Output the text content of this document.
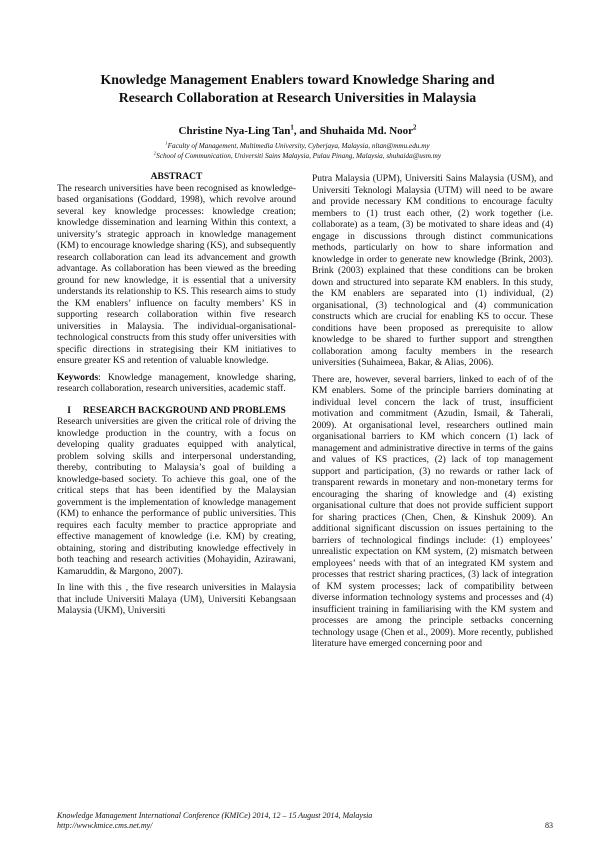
Knowledge Management Enablers toward Knowledge Sharing and
Research Collaboration at Research Universities in Malaysia
Christine Nya-Ling Tan$^1$, and Shuhaida Md. Noor$^2$
$^1$Faculty of Management, Multimedia University, Cyberjaya, Malaysia, nltan@mmu.edu.my
$^2$School of Communication, Universiti Sains Malaysia, Pulau Pinang, Malaysia, shuhaida@usm.my
ABSTRACT

The research universities have been recognised as knowledge-based organisations (Goddard, 1998), which revolve around several key knowledge processes: knowledge creation; knowledge dissemination and learning Within this context, a university’s strategic approach in knowledge management (KM) to encourage knowledge sharing (KS), and subsequently research collaboration can lead its advancement and growth advantage. As collaboration has been viewed as the breeding ground for new knowledge, it is essential that a university understands its relationship to KS. This research aims to study the KM enablers’ influence on faculty members’ KS in supporting research collaboration within five research universities in Malaysia. The individual-organisational-technological constructs from this study offer universities with specific directions in strategising their KM initiatives to ensure greater KS and retention of valuable knowledge.

Keywords: Knowledge management, knowledge sharing, research collaboration, research universities, academic staff.

I RESEARCH BACKGROUND AND PROBLEMS

Research universities are given the critical role of driving the knowledge production in the country, with a focus on developing quality graduates equipped with analytical, problem solving skills and interpersonal understanding, thereby, contributing to Malaysia’s goal of building a knowledge-based society. To achieve this goal, one of the critical steps that has been identified by the Malaysian government is the implementation of knowledge management (KM) to enhance the performance of public universities. This requires each faculty member to practice appropriate and effective management of knowledge (i.e. KM) by creating, obtaining, storing and distributing knowledge effectively in both teaching and research activities (Mohayidin, Azirawani, Kamaruddin, & Margono, 2007).

In line with this , the five research universities in Malaysia that include Universiti Malaya (UM), Universiti Kebangsaan Malaysia (UKM), Universiti

Putra Malaysia (UPM), Universiti Sains Malaysia (USM), and Universiti Teknologi Malaysia (UTM) will need to be aware and provide necessary KM conditions to encourage faculty members to (1) trust each other, (2) work together (i.e. collaborate) as a team, (3) be motivated to share ideas and (4) engage in discussions through distinct communications methods, particularly on how to share information and knowledge in order to generate new knowledge (Brink, 2003). Brink (2003) explained that these conditions can be broken down and structured into separate KM enablers. In this study, the KM enablers are separated into (1) individual, (2) organisational, (3) technological and (4) communication constructs which are crucial for enabling KS to occur. These conditions have been proposed as prerequisite to allow knowledge to be shared to further support and strengthen collaboration among faculty members in the research universities (Suhaimeea, Bakar, & Alias, 2006).

There are, however, several barriers, linked to each of of the KM enablers. Some of the principle barriers dominating at individual level concern the lack of trust, insufficient motivation and commitment (Azudin, Ismail, & Taherali, 2009). At organisational level, researchers outlined main organisational barriers to KM which concern (1) lack of management and administrative directive in terms of the gains and values of KS practices, (2) lack of top management support and participation, (3) no rewards or rather lack of transparent rewards in monetary and non-monetary terms for encouraging the sharing of knowledge and (4) existing organisational culture that does not provide sufficient support for sharing practices (Chen, Chen, & Kinshuk 2009). An additional significant discussion on issues pertaining to the barriers of technological findings include: (1) employees’ unrealistic expectation on KM system, (2) mismatch between employees’ needs with that of an integrated KM system and processes that restrict sharing practices, (3) lack of integration of KM system processes; lack of compatibility between diverse information technology systems and processes and (4) insufficient training in familiarising with the KM system and processes are among the principle setbacks concerning technology usage (Chen et al., 2009). More recently, published literature have emerged concerning poor and

Knowledge Management International Conference (KMICe) 2014, 12 – 15 August 2014, Malaysia
http://www.kmice.cms.net.my/	83
